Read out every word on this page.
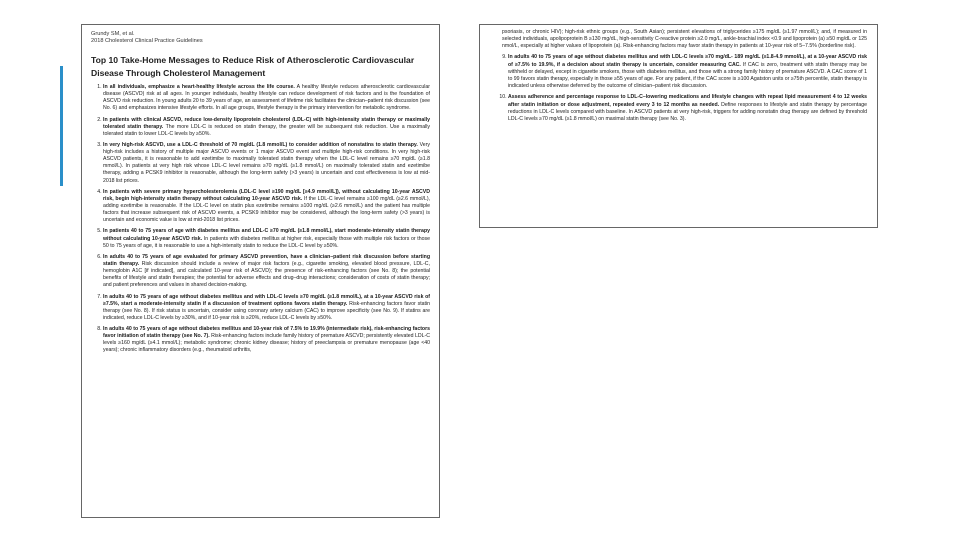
Grundy SM, et al.
2018 Cholesterol Clinical Practice Guidelines
Top 10 Take-Home Messages to Reduce Risk of Atherosclerotic Cardiovascular Disease Through Cholesterol Management
1. In all individuals, emphasize a heart-healthy lifestyle across the life course. A healthy lifestyle reduces atherosclerotic cardiovascular disease (ASCVD) risk at all ages. In younger individuals, healthy lifestyle can reduce development of risk factors and is the foundation of ASCVD risk reduction. In young adults 20 to 39 years of age, an assessment of lifetime risk facilitates the clinician–patient risk discussion (see No. 6) and emphasizes intensive lifestyle efforts. In all age groups, lifestyle therapy is the primary intervention for metabolic syndrome.
2. In patients with clinical ASCVD, reduce low-density lipoprotein cholesterol (LDL-C) with high-intensity statin therapy or maximally tolerated statin therapy. The more LDL-C is reduced on statin therapy, the greater will be subsequent risk reduction. Use a maximally tolerated statin to lower LDL-C levels by ≥50%.
3. In very high-risk ASCVD, use a LDL-C threshold of 70 mg/dL (1.8 mmol/L) to consider addition of nonstatins to statin therapy. Very high-risk includes a history of multiple major ASCVD events or 1 major ASCVD event and multiple high-risk conditions. In very high-risk ASCVD patients, it is reasonable to add ezetimibe to maximally tolerated statin therapy when the LDL-C level remains ≥70 mg/dL (≥1.8 mmol/L). In patients at very high risk whose LDL-C level remains ≥70 mg/dL (≥1.8 mmol/L) on maximally tolerated statin and ezetimibe therapy, adding a PCSK9 inhibitor is reasonable, although the long-term safety (>3 years) is uncertain and cost effectiveness is low at mid-2018 list prices.
4. In patients with severe primary hypercholesterolemia (LDL-C level ≥190 mg/dL [≥4.9 mmol/L]), without calculating 10-year ASCVD risk, begin high-intensity statin therapy without calculating 10-year ASCVD risk. If the LDL-C level remains ≥100 mg/dL (≥2.6 mmol/L), adding ezetimibe is reasonable. If the LDL-C level on statin plus ezetimibe remains ≥100 mg/dL (≥2.6 mmol/L) and the patient has multiple factors that increase subsequent risk of ASCVD events, a PCSK9 inhibitor may be considered, although the long-term safety (>3 years) is uncertain and economic value is low at mid-2018 list prices.
5. In patients 40 to 75 years of age with diabetes mellitus and LDL-C ≥70 mg/dL (≥1.8 mmol/L), start moderate-intensity statin therapy without calculating 10-year ASCVD risk. In patients with diabetes mellitus at higher risk, especially those with multiple risk factors or those 50 to 75 years of age, it is reasonable to use a high-intensity statin to reduce the LDL-C level by ≥50%.
6. In adults 40 to 75 years of age evaluated for primary ASCVD prevention, have a clinician–patient risk discussion before starting statin therapy. Risk discussion should include a review of major risk factors (e.g., cigarette smoking, elevated blood pressure, LDL-C, hemoglobin A1C [if indicated], and calculated 10-year risk of ASCVD); the presence of risk-enhancing factors (see No. 8); the potential benefits of lifestyle and statin therapies; the potential for adverse effects and drug–drug interactions; consideration of costs of statin therapy; and patient preferences and values in shared decision-making.
7. In adults 40 to 75 years of age without diabetes mellitus and with LDL-C levels ≥70 mg/dL (≥1.8 mmol/L), at a 10-year ASCVD risk of ≥7.5%, start a moderate-intensity statin if a discussion of treatment options favors statin therapy. Risk-enhancing factors favor statin therapy (see No. 8). If risk status is uncertain, consider using coronary artery calcium (CAC) to improve specificity (see No. 9). If statins are indicated, reduce LDL-C levels by ≥30%, and if 10-year risk is ≥20%, reduce LDL-C levels by ≥50%.
8. In adults 40 to 75 years of age without diabetes mellitus and 10-year risk of 7.5% to 19.9% (intermediate risk), risk-enhancing factors favor initiation of statin therapy (see No. 7). Risk-enhancing factors include family history of premature ASCVD; persistently elevated LDL-C levels ≥160 mg/dL (≥4.1 mmol/L); metabolic syndrome; chronic kidney disease; history of preeclampsia or premature menopause (age <40 years); chronic inflammatory disorders (e.g., rheumatoid arthritis,
psoriasis, or chronic HIV); high-risk ethnic groups (e.g., South Asian); persistent elevations of triglycerides ≥175 mg/dL (≥1.97 mmol/L); and, if measured in selected individuals, apolipoprotein B ≥130 mg/dL, high-sensitivity C-reactive protein ≥2.0 mg/L, ankle-brachial index <0.9 and lipoprotein (a) ≥50 mg/dL or 125 nmol/L, especially at higher values of lipoprotein (a). Risk-enhancing factors may favor statin therapy in patients at 10-year risk of 5–7.5% (borderline risk).
9. In adults 40 to 75 years of age without diabetes mellitus and with LDL-C levels ≥70 mg/dL- 189 mg/dL (≥1.8-4.9 mmol/L), at a 10-year ASCVD risk of ≥7.5% to 19.9%, if a decision about statin therapy is uncertain, consider measuring CAC. If CAC is zero, treatment with statin therapy may be withheld or delayed, except in cigarette smokers, those with diabetes mellitus, and those with a strong family history of premature ASCVD. A CAC score of 1 to 99 favors statin therapy, especially in those ≥55 years of age. For any patient, if the CAC score is ≥100 Agatston units or ≥75th percentile, statin therapy is indicated unless otherwise deferred by the outcome of clinician–patient risk discussion.
10. Assess adherence and percentage response to LDL-C–lowering medications and lifestyle changes with repeat lipid measurement 4 to 12 weeks after statin initiation or dose adjustment, repeated every 3 to 12 months as needed. Define responses to lifestyle and statin therapy by percentage reductions in LDL-C levels compared with baseline. In ASCVD patients at very high-risk, triggers for adding nonstatin drug therapy are defined by threshold LDL-C levels ≥70 mg/dL (≥1.8 mmol/L) on maximal statin therapy (see No. 3).
